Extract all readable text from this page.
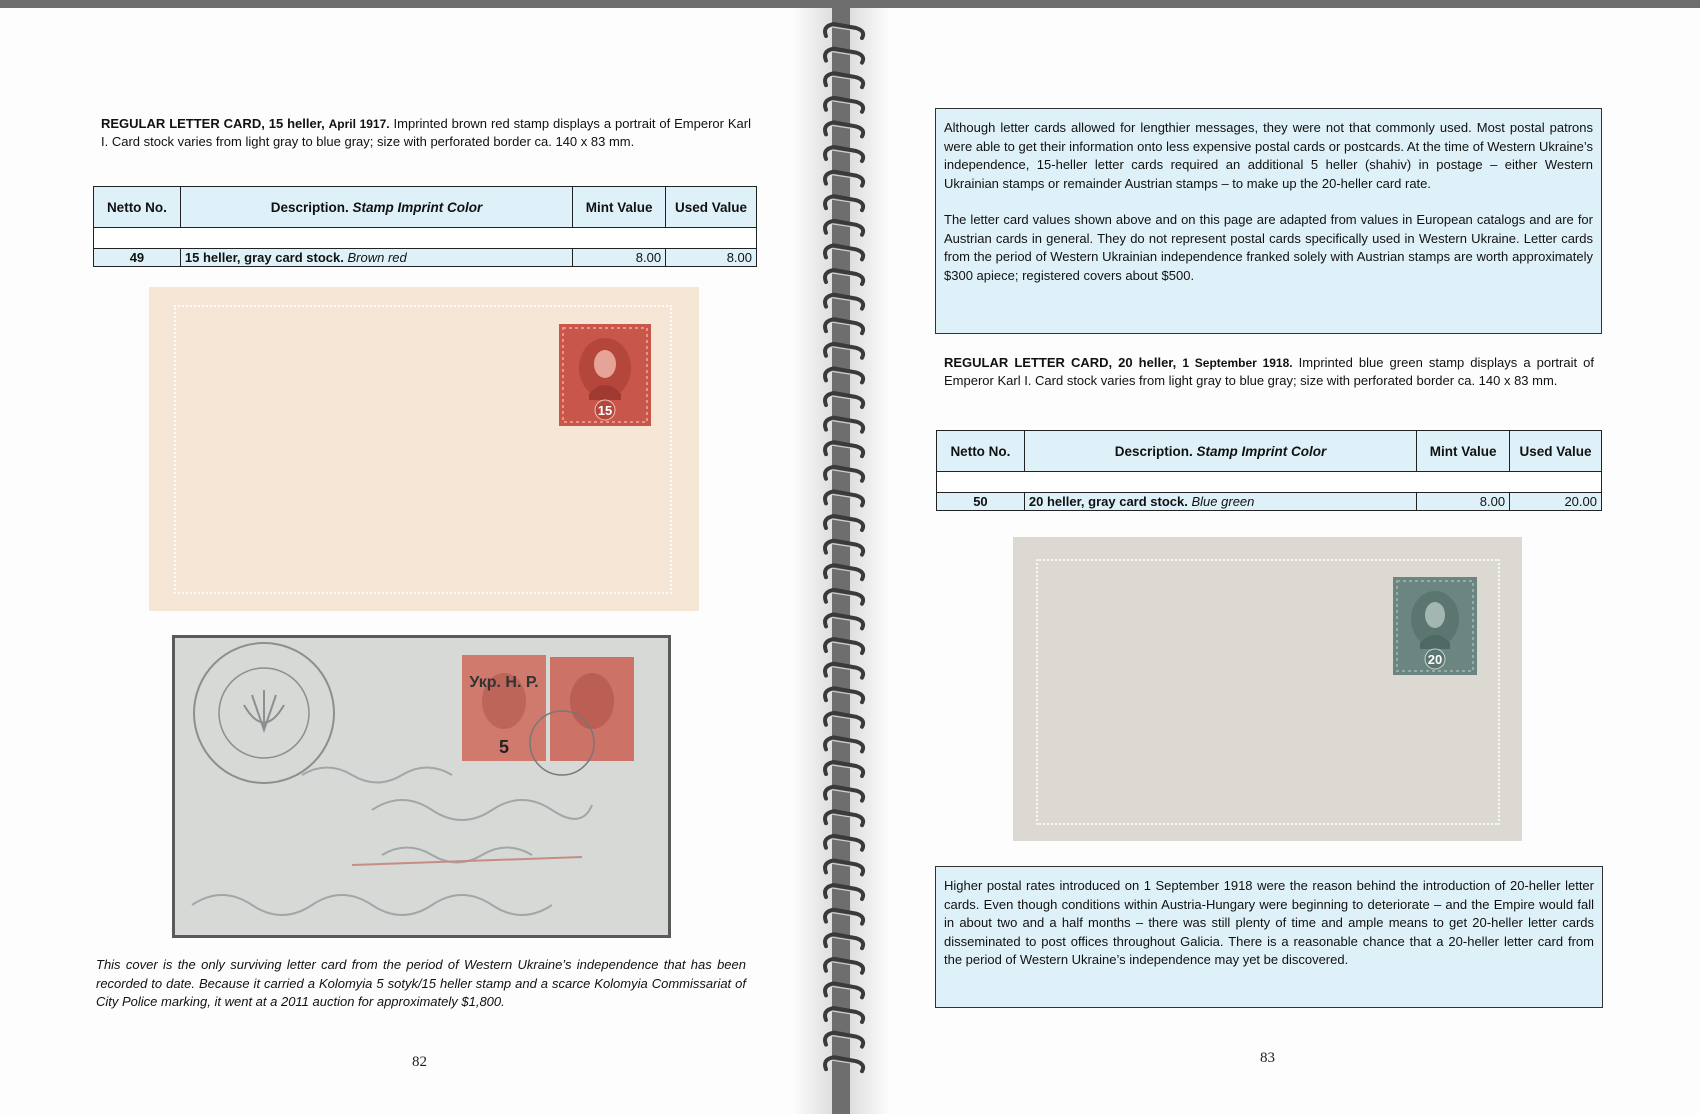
REGULAR LETTER CARD, 15 heller, April 1917. Imprinted brown red stamp displays a portrait of Emperor Karl I. Card stock varies from light gray to blue gray; size with perforated border ca. 140 x 83 mm.
Netto No.	Description. Stamp Imprint Color	Mint Value	Used Value

49	15 heller, gray card stock. Brown red	8.00	8.00
15
Укр. Н. Р.
5
This cover is the only surviving letter card from the period of Western Ukraine’s independence that has been recorded to date. Because it carried a Kolomyia 5 sotyk/15 heller stamp and a scarce Kolomyia Commissariat of City Police marking, it went at a 2011 auction for approximately $1,800.
82

Although letter cards allowed for lengthier messages, they were not that commonly used. Most postal patrons were able to get their information onto less expensive postal cards or postcards. At the time of Western Ukraine’s independence, 15-heller letter cards required an additional 5 heller (shahiv) in postage – either Western Ukrainian stamps or remainder Austrian stamps – to make up the 20-heller card rate.

The letter card values shown above and on this page are adapted from values in European catalogs and are for Austrian cards in general. They do not represent postal cards specifically used in Western Ukraine. Letter cards from the period of Western Ukrainian independence franked solely with Austrian stamps are worth approximately $300 apiece; registered covers about $500.

REGULAR LETTER CARD, 20 heller, 1 September 1918. Imprinted blue green stamp displays a portrait of Emperor Karl I. Card stock varies from light gray to blue gray; size with perforated border ca. 140 x 83 mm.
Netto No.	Description. Stamp Imprint Color	Mint Value	Used Value

50	20 heller, gray card stock. Blue green	8.00	20.00
20

Higher postal rates introduced on 1 September 1918 were the reason behind the introduction of 20-heller letter cards. Even though conditions within Austria-Hungary were beginning to deteriorate – and the Empire would fall in about two and a half months – there was still plenty of time and ample means to get 20-heller letter cards disseminated to post offices throughout Galicia. There is a reasonable chance that a 20-heller letter card from the period of Western Ukraine’s independence may yet be discovered.

83
